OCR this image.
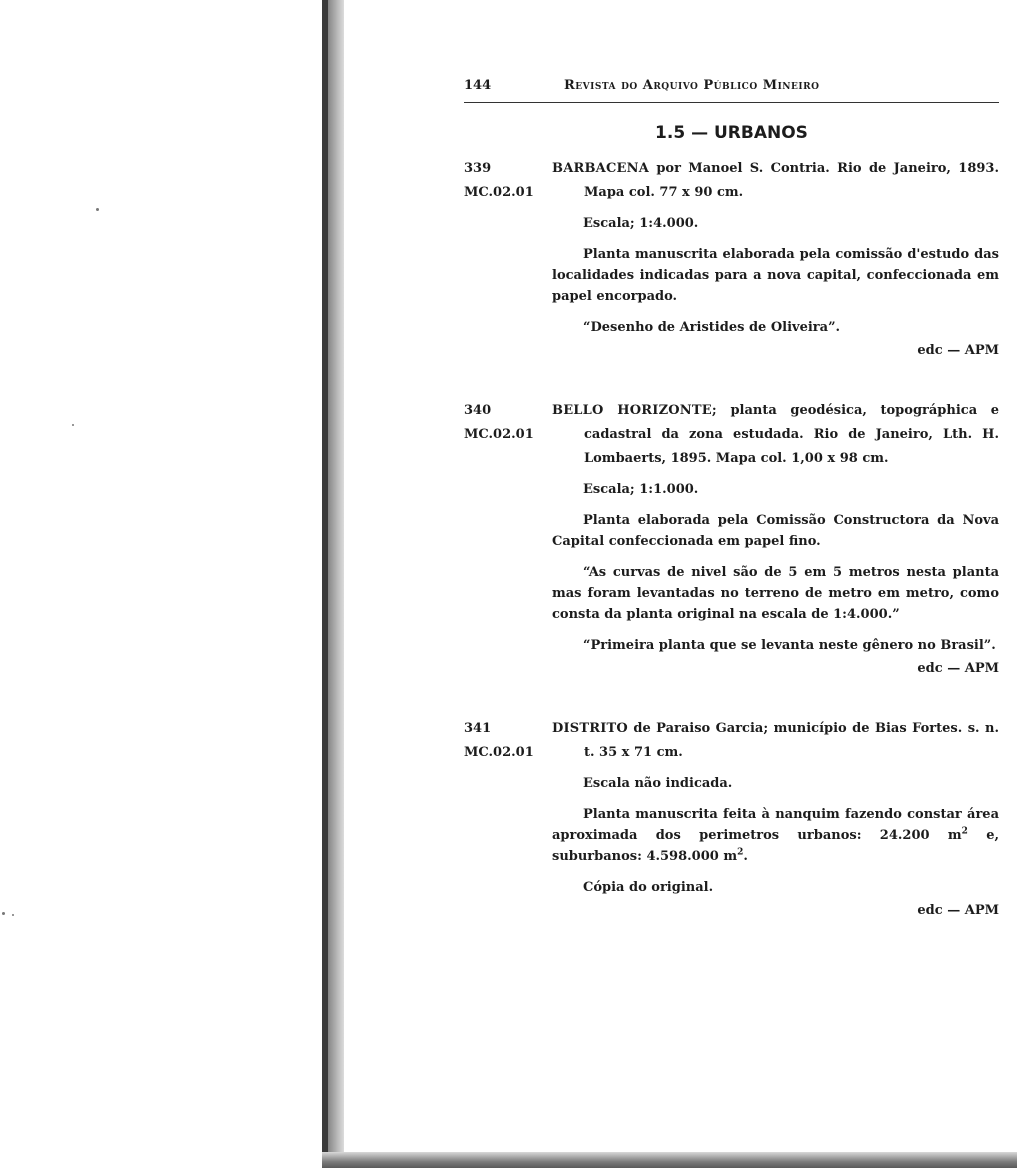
144	Revista do Arquivo Público Mineiro
1.5 — URBANOS
339
MC.02.01

BARBACENA por Manoel S. Contria. Rio de Janeiro, 1893. Mapa col. 77 x 90 cm.

Escala; 1:4.000.

Planta manuscrita elaborada pela comissão d'estudo das localidades indicadas para a nova capital, confeccionada em papel encorpado.

“Desenho de Aristides de Oliveira”.

edc — APM

340
MC.02.01

BELLO HORIZONTE; planta geodésica, topográphica e cadastral da zona estudada. Rio de Janeiro, Lth. H. Lombaerts, 1895. Mapa col. 1,00 x 98 cm.

Escala; 1:1.000.

Planta elaborada pela Comissão Constructora da Nova Capital confeccionada em papel fino.

“As curvas de nivel são de 5 em 5 metros nesta planta mas foram levantadas no terreno de metro em metro, como consta da planta original na escala de 1:4.000.”

“Primeira planta que se levanta neste gênero no Brasil”.

edc — APM

341
MC.02.01

DISTRITO de Paraiso Garcia; município de Bias Fortes. s. n. t. 35 x 71 cm.

Escala não indicada.

Planta manuscrita feita à nanquim fazendo constar área aproximada dos perimetros urbanos: 24.200 $m^2$ e, suburbanos: 4.598.000 $m^2$.

Cópia do original.

edc — APM
